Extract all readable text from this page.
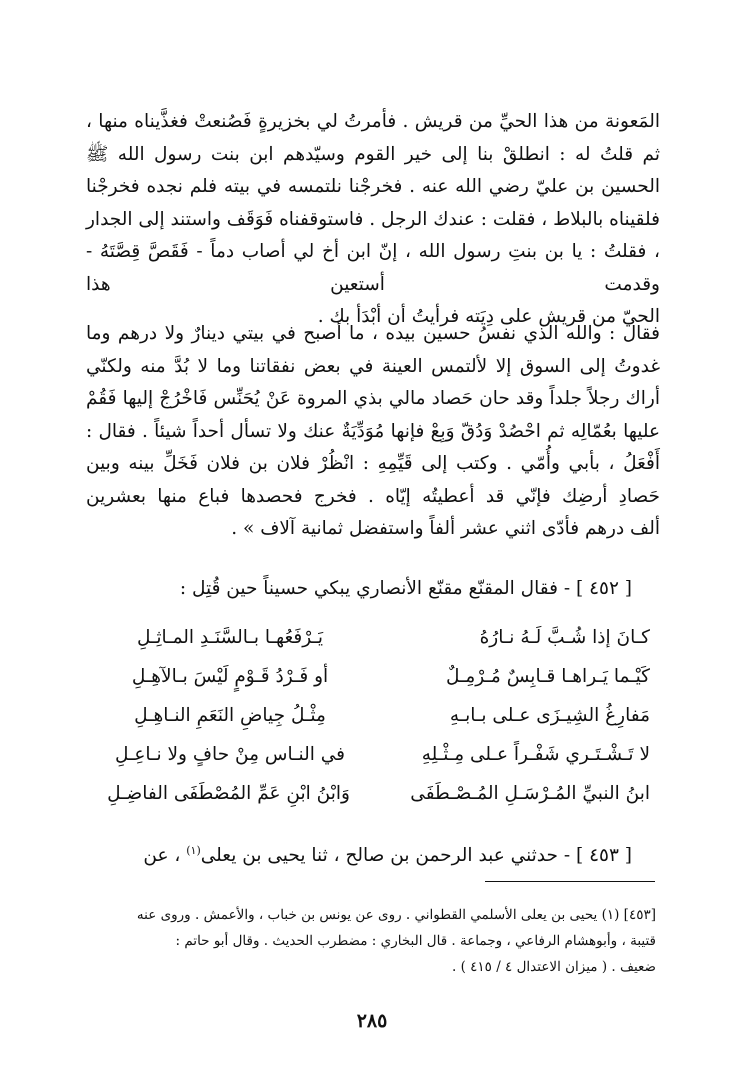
المَعونة من هذا الحيِّ من قريش . فأمرتُ لي بخزيرةٍ فَصُنعتْ فغذَّيناه منها ، ثم قلتُ له : انطلقْ بنا إلى خير القوم وسيّدهم ابن بنت رسول الله ﷺ الحسين بن عليّ رضي الله عنه . فخرجْنا نلتمسه في بيته فلم نجده فخرجْنا فلقيناه بالبلاط ، فقلت : عندك الرجل . فاستوقفناه فَوَقَف واستند إلى الجدار ، فقلتُ : يا بن بنتِ رسول الله ، إنّ ابن أخ لي أصاب دماً - فَقَصَّ قِصَّتَهُ - وقدمت أستعين هذا
الحيّ من قريش على دِيَته فرأيتُ أن أبْدَأ بك .

فقال : والله الذي نفسُ حسين بيده ، ما أصبح في بيتي دينارٌ ولا درهم وما غدوتُ إلى السوق إلا لألتمس العينة في بعض نفقاتنا وما لا بُدَّ منه ولكنّي أراك رجلاً جلداً وقد حان حَصاد مالي بذي المروة عَنْ يُحَنِّس فَاخْرُجْ إليها فَقُمْ عليها بعُمّالِه ثم احْصُدْ وَدُقّ وَبِعْ فإنها مُوَدِّيَةٌ عنك ولا تسأل أحداً شيئاً . فقال : أَفْعَلُ ، بأبي وأُمّي . وكتب إلى قَيِّمِهِ : انْظُرْ فلان بن فلان فَخَلِّ بينه وبين حَصادِ أرضِك فإنّي قد أعطيتُه إيّاه . فخرج فحصدها فباع منها بعشرين
ألف درهم فأدّى اثني عشر ألفاً واستفضل ثمانية آلاف » .

[ ٤٥٢ ] - فقال المقنّع مقنّع الأنصاري يبكي حسيناً حين قُتِل :

كـانَ إذا شُـبَّ لَـهُ نـارُهُ
يَـرْفَعُهـا بـالسَّنَـدِ المـاثِـلِ
كَيْـما يَـراهـا قـابِسٌ مُـرْمِـلٌ
أو فَـرْدُ قَـوْمٍ لَيْسَ بـالآهِـلِ
مَفارِغُ الشِيـزَى عـلى بـابـهِ
مِثْـلُ جِياضِ النَعَمِ النـاهِـلِ
لا تَـشْـتَـري شَفْـراً عـلى مِـثْـلِهِ
في النـاس مِنْ حافٍ ولا نـاعِـلِ
ابنُ النبيِّ المُـرْسَـلِ المُـصْـطَفَى
وَابْنُ ابْنِ عَمِّ المُصْطَفَى الفاضِـلِ

[ ٤٥٣ ] - حدثني عبد الرحمن بن صالح ، ثنا يحيى بن يعلى$^{(١)}$ ، عن

[٤٥٣] (١) يحيى بن يعلى الأسلمي القطواني . روى عن يونس بن خباب ، والأعمش . وروى عنه
قتيبة ، وأبوهشام الرفاعي ، وجماعة . قال البخاري : مضطرب الحديث . وقال أبو حاتم :
ضعيف . ( ميزان الاعتدال ٤ / ٤١٥ ) .

٢٨٥
